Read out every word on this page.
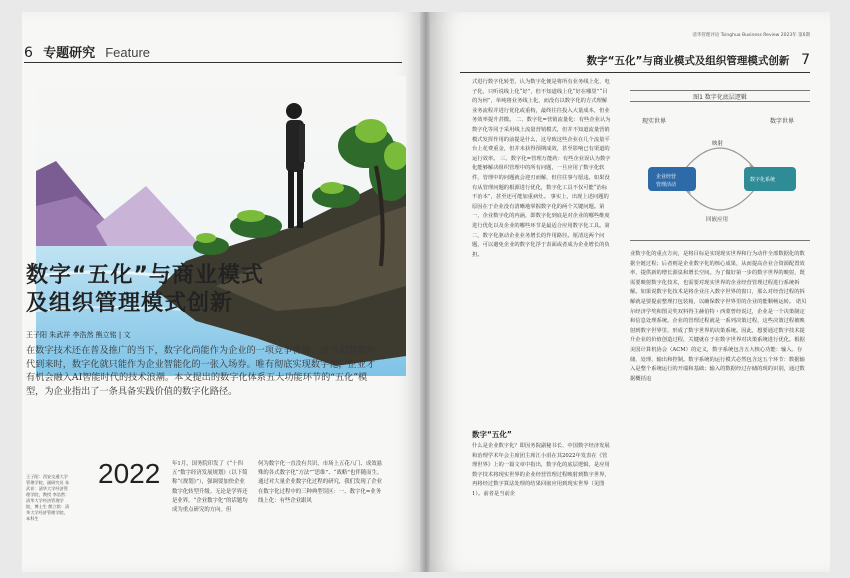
6 专题研究 Feature
数字“五化”与商业模式
及组织管理模式创新
王子阳 朱武祥 李浩然 熊立铭 | 文
在数字技术还在普及推广的当下，数字化尚能作为企业的一项竞争优势；而当AI智能时代到来时，数字化就只能作为企业智能化的一张入场券。唯有彻底实现数字化，企业才有机会融入AI智能时代的技术浪潮。本文提出的数字化体系五大功能环节的“五化”模型，为企业指出了一条具备实践价值的数字化路径。
王子阳：西安交通大学管理学院，副研究员 朱武祥：清华大学经济管理学院，教授 李浩然：清华大学经济管理学院，博士生 熊立铭：清华大学经济管理学院，本科生
2022 年1月，国务院印发了《“十四五”数字经济发展规划》（以下简称“《规划》”），强调要加快企业数字化转型升级。无论是学界还是业界，“企业数字化”的话题均成为重点研究的方向。但
何为数字化一直没有共识，市场上五花八门、成效悬殊的各式数字化“方法”“思维”、“战略”也伴随而生。通过对大量企业数字化过程的研究，我们发现了企业在数字化过程中的三种典型误区：一、数字化=业务线上化：有些企业跟风
清华管理评论 Tsinghua Business Review 2023年 第6期
数字“五化”与商业模式及组织管理模式创新 7
式进行数字化转型，认为数字化便是将所有业务线上化、电子化，只听说线上化“好”，但不知道线上化“好在哪里”“目的为何”，单纯将业务线上化，而没有以数字化的方式理解业务流程并进行优化或重构，最终往往投入大量成本，但业务效率提升甚微。 二、数字化=营销流量化：有些企业认为数字化等同于采用线上流量营销模式，但并不知道流量营销模式发挥作用的前提是什么，这导致这些企业在几个流量平台上花费重金，但并未获得预期成效，甚至影响已有渠道的运行效率。 三、数字化=管理万能药：有些企业误认为数字化能够解决组织管理中的所有问题，一旦应用了数字化软件，管理中的问题就会迎刃而解，但往往事与愿违。如果没有从管理问题的根源进行优化，数字化工具不仅可能“治标不治本”，甚至还可能加重病灶。 事实上，出现上述问题的原因在于企业没有清晰地掌握数字化的两个关键问题。第一，企业数字化的内涵，即数字化到底是对企业的哪些维度进行优化以及企业的哪些环节是最适合应用数字化工具。第二，数字化驱动企业业务增长的作用路径。厘清这两个问题，可以避免企业的数字化浮于表面或者成为企业增长的负担。
数字“五化”
什么是企业数字化？即因务院副秘书长、中国数字经济发展和治理学术年会主席团主席江小涓在其2022年发表在《管理世界》上的一篇文章中指出，数字化的底层逻辑，是应用数字技术将现实世界的企业经营管理过程映射到数字世界，再将经过数字算法处理的结果回嵌应用到现实世界（见图1）。前者是当前企
图1 数字化底层逻辑
现实世界	数字世界
映射
回嵌应用
企业经营
管理活动
数字化系统
业数字化的重点方向，是将目标是实现现实世界和行为动作全部数据化的数据全链过程；后者则是企业数字化的核心成果，从而提高企业合资源配置效率，提供新的增长源泉和增长空间。为了做好第一步的数字世界的映射，既需要映射数字化技术，也需要对现实世界的企业经营管理过程进行系统拆解。如果说数字化技术是将企业注入数字世界的窗口，那么对经营过程的拆解就是要提前整理打包装箱，以确保数字世界里的企业的能顺畅运转。 诺贝尔经济学奖和图灵奖双料得主赫伯特・西蒙曾经说过，企业是一个决策制定和信息处理系统。企业的管理过程就是一系列决策过程，这些决策过程被映射到数字世界里，形成了数字世界的决策系统。因此，想要通过数字技术提升企业的价值创造过程，关键就在于在数字世界对决策系统进行优化。根据美国计算机协会（ACM）的定义，数字系统包含五大核心功能：输入、存储、处理、输出和控制。数字系统的运行模式必然包含这五个环节：数据输入是整个系统运行的开端和基础；输入的数据经过存储的现的识别，通过数据概括追
